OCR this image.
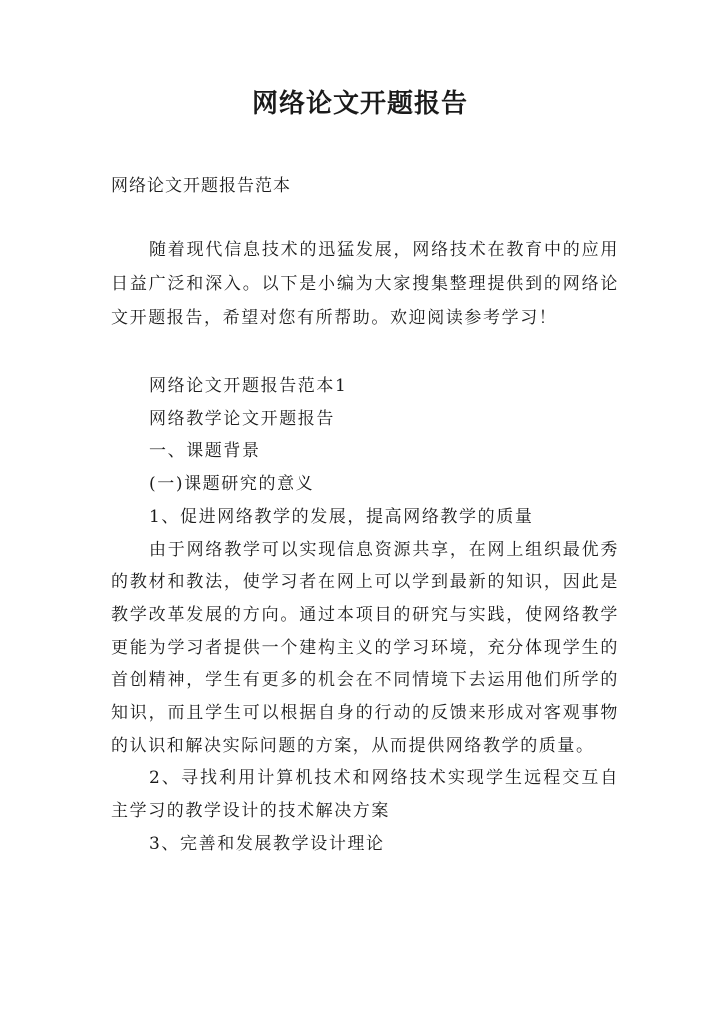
网络论文开题报告

网络论文开题报告范本

随着现代信息技术的迅猛发展，网络技术在教育中的应用日益广泛和深入。以下是小编为大家搜集整理提供到的网络论文开题报告，希望对您有所帮助。欢迎阅读参考学习！

网络论文开题报告范本1

网络教学论文开题报告

一、课题背景

(一)课题研究的意义

1、促进网络教学的发展，提高网络教学的质量

由于网络教学可以实现信息资源共享，在网上组织最优秀的教材和教法，使学习者在网上可以学到最新的知识，因此是教学改革发展的方向。通过本项目的研究与实践，使网络教学更能为学习者提供一个建构主义的学习环境，充分体现学生的首创精神，学生有更多的机会在不同情境下去运用他们所学的知识，而且学生可以根据自身的行动的反馈来形成对客观事物的认识和解决实际问题的方案，从而提供网络教学的质量。

2、寻找利用计算机技术和网络技术实现学生远程交互自主学习的教学设计的技术解决方案

3、完善和发展教学设计理论
